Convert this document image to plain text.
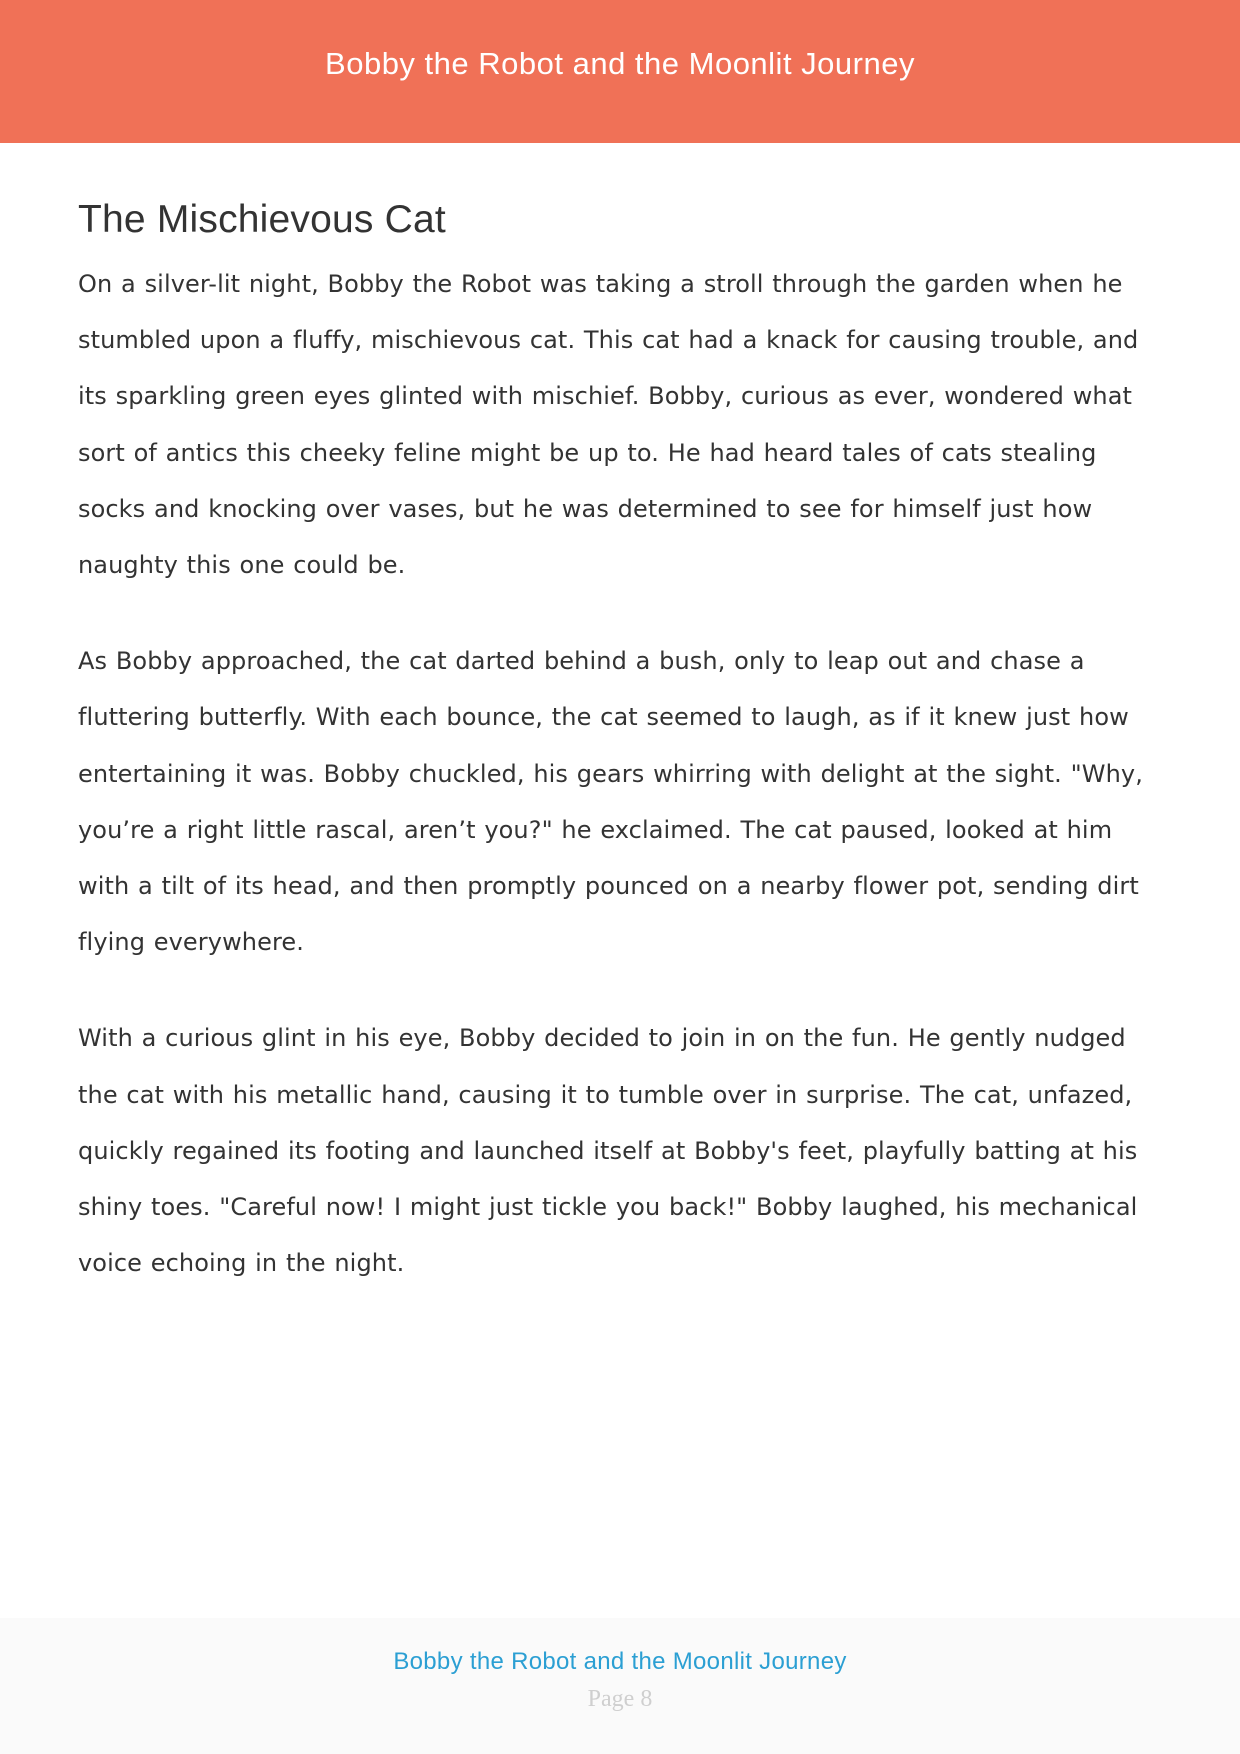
Bobby the Robot and the Moonlit Journey
The Mischievous Cat

On a silver-lit night, Bobby the Robot was taking a stroll through the garden when he stumbled upon a fluffy, mischievous cat. This cat had a knack for causing trouble, and its sparkling green eyes glinted with mischief. Bobby, curious as ever, wondered what sort of antics this cheeky feline might be up to. He had heard tales of cats stealing socks and knocking over vases, but he was determined to see for himself just how naughty this one could be.

As Bobby approached, the cat darted behind a bush, only to leap out and chase a fluttering butterfly. With each bounce, the cat seemed to laugh, as if it knew just how entertaining it was. Bobby chuckled, his gears whirring with delight at the sight. "Why, you’re a right little rascal, aren’t you?" he exclaimed. The cat paused, looked at him with a tilt of its head, and then promptly pounced on a nearby flower pot, sending dirt flying everywhere.

With a curious glint in his eye, Bobby decided to join in on the fun. He gently nudged the cat with his metallic hand, causing it to tumble over in surprise. The cat, unfazed, quickly regained its footing and launched itself at Bobby's feet, playfully batting at his shiny toes. "Careful now! I might just tickle you back!" Bobby laughed, his mechanical voice echoing in the night.

Bobby the Robot and the Moonlit Journey
Page 8
